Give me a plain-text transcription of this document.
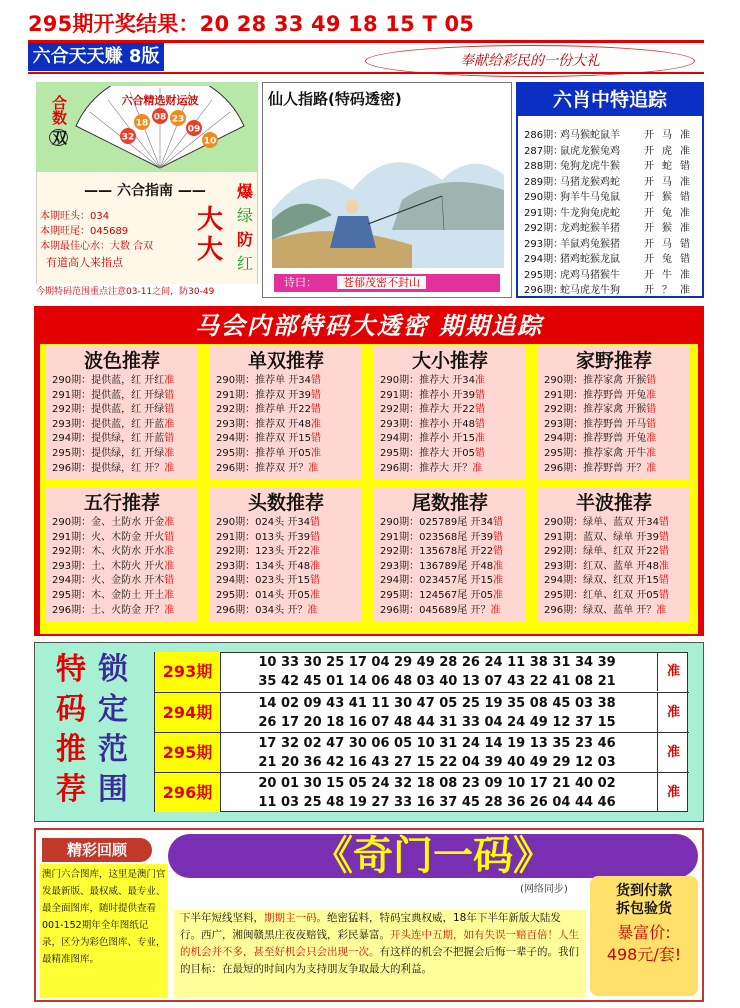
295期开奖结果：20 28 33 49 18 15 T 05
六合天天赚 8版	奉献给彩民的一份大礼
合数双
六合精选财运波
32
18
08 23
09
10
—— 六合指南 ——
本期旺头：034
本期旺尾：045689
本期最佳心水：大数 合双
有道高人来指点
大
大
爆
绿
防
红
今期特码范围重点注意03-11之间，防30-49
仙人指路(特码透密)
诗曰： 苍郁茂密不封山
六肖中特追踪
286期：鸡马猴蛇鼠羊 开 马 准
287期：鼠虎龙猴兔鸡 开 虎 准
288期：兔狗龙虎牛猴 开 蛇 错
289期：马猪龙猴鸡蛇 开 马 准
290期：狗羊牛马兔鼠 开 猴 错
291期：牛龙狗兔虎蛇 开 兔 准
292期：龙鸡蛇猴羊猪 开 猴 准
293期：羊鼠鸡兔猴猪 开 马 错
294期：猪鸡蛇猴龙鼠 开 兔 错
295期：虎鸡马猪猴牛 开 牛 准
296期：蛇马虎龙牛狗 开 ？ 准
马会内部特码大透密 期期追踪
波色推荐
290期：提供蓝，红 开红准
291期：提供蓝，红 开绿错
292期：提供蓝，红 开绿错
293期：提供蓝，红 开蓝准
294期：提供绿，红 开蓝错
295期：提供绿，红 开绿准
296期：提供绿，红 开？准
单双推荐
290期：推荐单 开34错
291期：推荐双 开39错
292期：推荐单 开22错
293期：推荐双 开48准
294期：推荐双 开15错
295期：推荐单 开05准
296期：推荐双 开？准
大小推荐
290期：推荐大 开34准
291期：推荐小 开39错
292期：推荐大 开22错
293期：推荐小 开48错
294期：推荐小 开15准
295期：推荐大 开05错
296期：推荐大 开？准
家野推荐
290期：推荐家禽 开猴错
291期：推荐野兽 开兔准
292期：推荐家禽 开猴错
293期：推荐野兽 开马错
294期：推荐野兽 开兔准
295期：推荐家禽 开牛准
296期：推荐野兽 开？准
五行推荐
290期：金、土防水 开金准
291期：火、木防金 开火错
292期：木、火防水 开水准
293期：土、木防火 开火准
294期：火、金防水 开木错
295期：木、金防土 开土准
296期：土、火防金 开？准
头数推荐
290期：024头 开34错
291期：013头 开39错
292期：123头 开22准
293期：134头 开48准
294期：023头 开15错
295期：014头 开05准
296期：034头 开？准
尾数推荐
290期：025789尾 开34错
291期：023568尾 开39错
292期：135678尾 开22错
293期：136789尾 开48准
294期：023457尾 开15准
295期：124567尾 开05准
296期：045689尾 开？准
半波推荐
290期：绿单、蓝双 开34错
291期：蓝双、绿单 开39错
292期：绿单、红双 开22错
293期：红双、蓝单 开48准
294期：绿双、红双 开15错
295期：红单、红双 开05错
296期：绿双、蓝单 开？准
特
码
推
荐
锁
定
范
围
293期	10 33 30 25 17 04 29 49 28 26 24 11 38 31 34 39
35 42 45 01 14 06 48 03 40 13 07 43 22 41 08 21
准
294期	14 02 09 43 41 11 30 47 05 25 19 35 08 45 03 38
26 17 20 18 16 07 48 44 31 33 04 24 49 12 37 15
准
295期	17 32 02 47 30 06 05 10 31 24 14 19 13 35 23 46
21 20 36 42 16 43 27 15 22 04 39 40 49 29 12 03
准
296期	20 01 30 15 05 24 32 18 08 23 09 10 17 21 40 02
11 03 25 48 19 27 33 16 37 45 28 36 26 04 44 46
准
精彩回顾
澳门六合图库，这里是澳门官发最新版、最权威、最专业、最全面图库，随时提供查看001-152期年全年图纸记录，区分为彩色图库、专业，最精准图库。
《奇门一码》
(网络同步)
下半年短线坚料，期期主一码。绝密猛料，特码宝典权威，18年下半年新版大陆发行。西广，湘闽赣黑庄夜夜赔钱，彩民暴富。开头连中五期，如有失误一赔百倍！人生的机会并不多，甚至好机会只会出现一次。有这样的机会不把握会后悔一辈子的。我们的目标：在最短的时间内为支持朋友争取最大的利益。
货到付款
拆包验货
暴富价:
498元/套!
